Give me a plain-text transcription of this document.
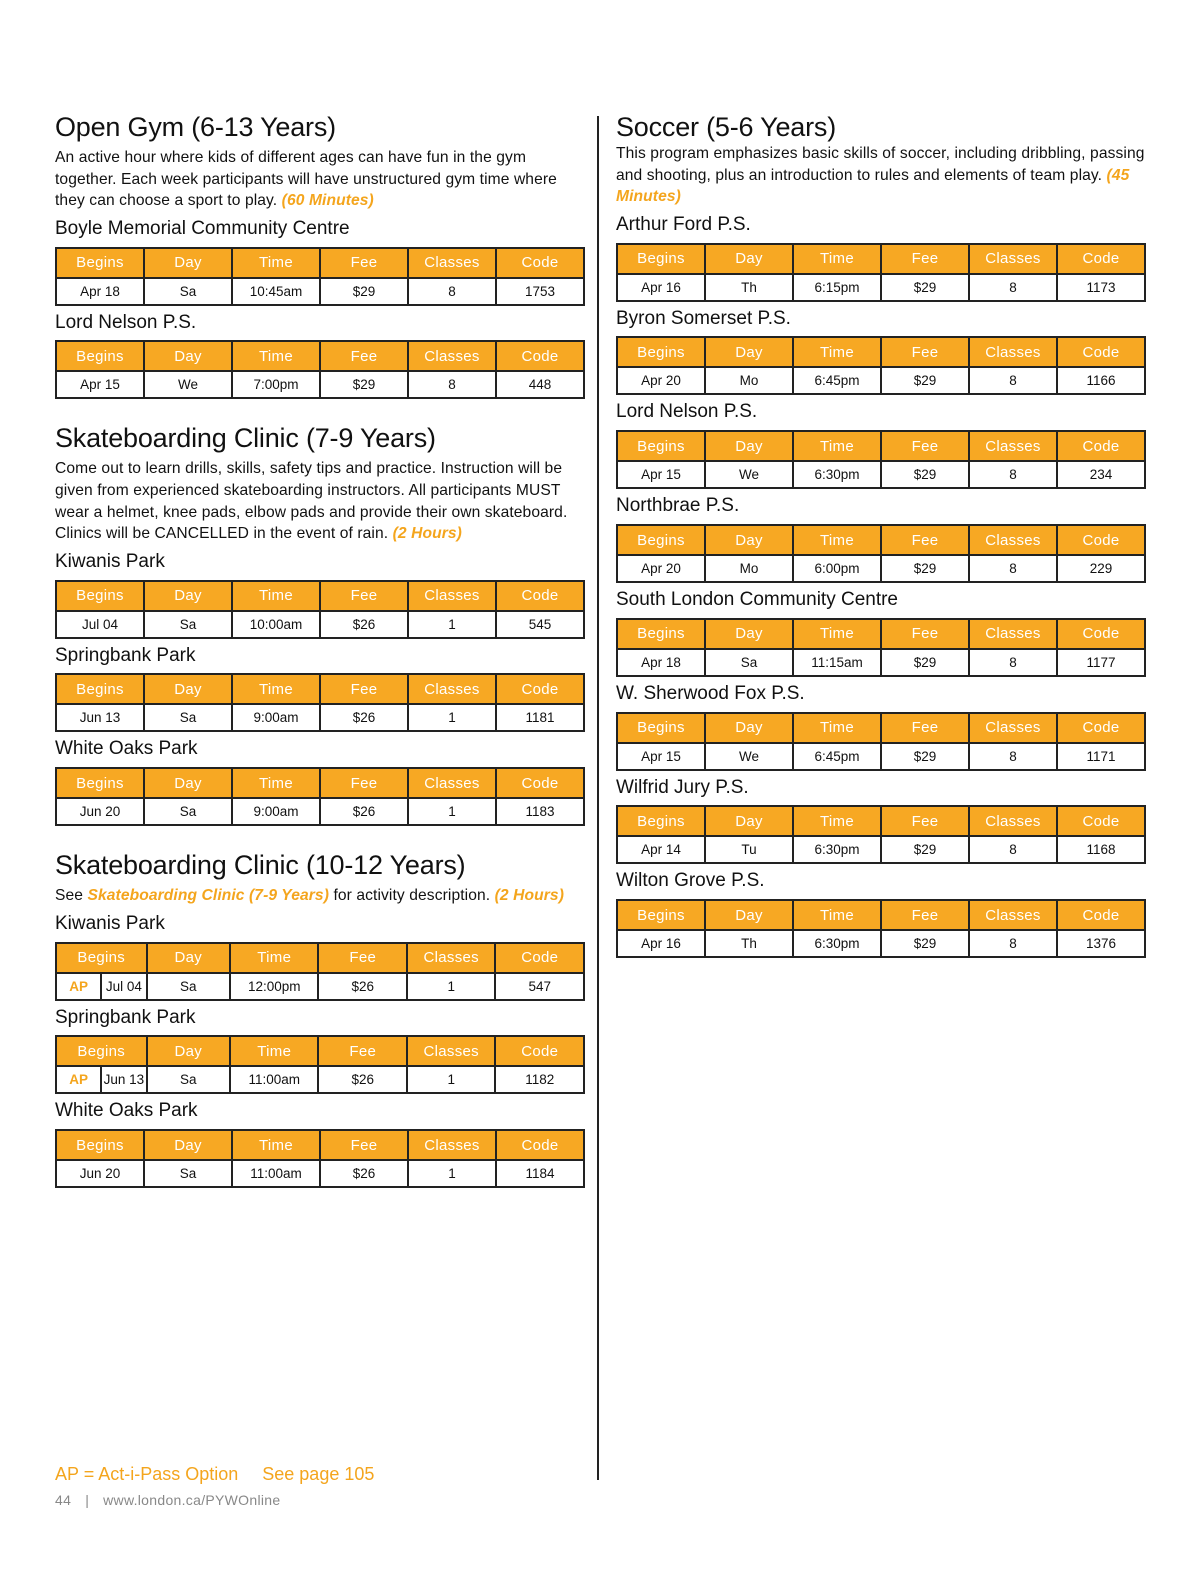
Open Gym (6-13 Years)

An active hour where kids of different ages can have fun in the gym together. Each week participants will have unstructured gym time where they can choose a sport to play. (60 Minutes)

Boyle Memorial Community Centre
Begins	Day	Time	Fee	Classes	Code
Apr 18	Sa	10:45am	$29	8	1753
Lord Nelson P.S.
Begins	Day	Time	Fee	Classes	Code
Apr 15	We	7:00pm	$29	8	448
Skateboarding Clinic (7-9 Years)

Come out to learn drills, skills, safety tips and practice. Instruction will be given from experienced skateboarding instructors. All participants MUST wear a helmet, knee pads, elbow pads and provide their own skateboard. Clinics will be CANCELLED in the event of rain. (2 Hours)

Kiwanis Park
Begins	Day	Time	Fee	Classes	Code
Jul 04	Sa	10:00am	$26	1	545
Springbank Park
Begins	Day	Time	Fee	Classes	Code
Jun 13	Sa	9:00am	$26	1	1181
White Oaks Park
Begins	Day	Time	Fee	Classes	Code
Jun 20	Sa	9:00am	$26	1	1183
Skateboarding Clinic (10-12 Years)

See Skateboarding Clinic (7-9 Years) for activity description. (2 Hours)

Kiwanis Park
Begins		Day	Time	Fee	Classes	Code
AP	Jul 04	Sa	12:00pm	$26	1	547
Springbank Park
Begins		Day	Time	Fee	Classes	Code
AP	Jun 13	Sa	11:00am	$26	1	1182
White Oaks Park
Begins	Day	Time	Fee	Classes	Code
Jun 20	Sa	11:00am	$26	1	1184
Soccer (5-6 Years)

This program emphasizes basic skills of soccer, including dribbling, passing and shooting, plus an introduction to rules and elements of team play. (45 Minutes)

Arthur Ford P.S.
Begins	Day	Time	Fee	Classes	Code
Apr 16	Th	6:15pm	$29	8	1173
Byron Somerset P.S.
Begins	Day	Time	Fee	Classes	Code
Apr 20	Mo	6:45pm	$29	8	1166
Lord Nelson P.S.
Begins	Day	Time	Fee	Classes	Code
Apr 15	We	6:30pm	$29	8	234
Northbrae P.S.
Begins	Day	Time	Fee	Classes	Code
Apr 20	Mo	6:00pm	$29	8	229
South London Community Centre
Begins	Day	Time	Fee	Classes	Code
Apr 18	Sa	11:15am	$29	8	1177
W. Sherwood Fox P.S.
Begins	Day	Time	Fee	Classes	Code
Apr 15	We	6:45pm	$29	8	1171
Wilfrid Jury P.S.
Begins	Day	Time	Fee	Classes	Code
Apr 14	Tu	6:30pm	$29	8	1168
Wilton Grove P.S.
Begins	Day	Time	Fee	Classes	Code
Apr 16	Th	6:30pm	$29	8	1376
AP = Act-i-Pass Option See page 105
44 | www.london.ca/PYWOnline
